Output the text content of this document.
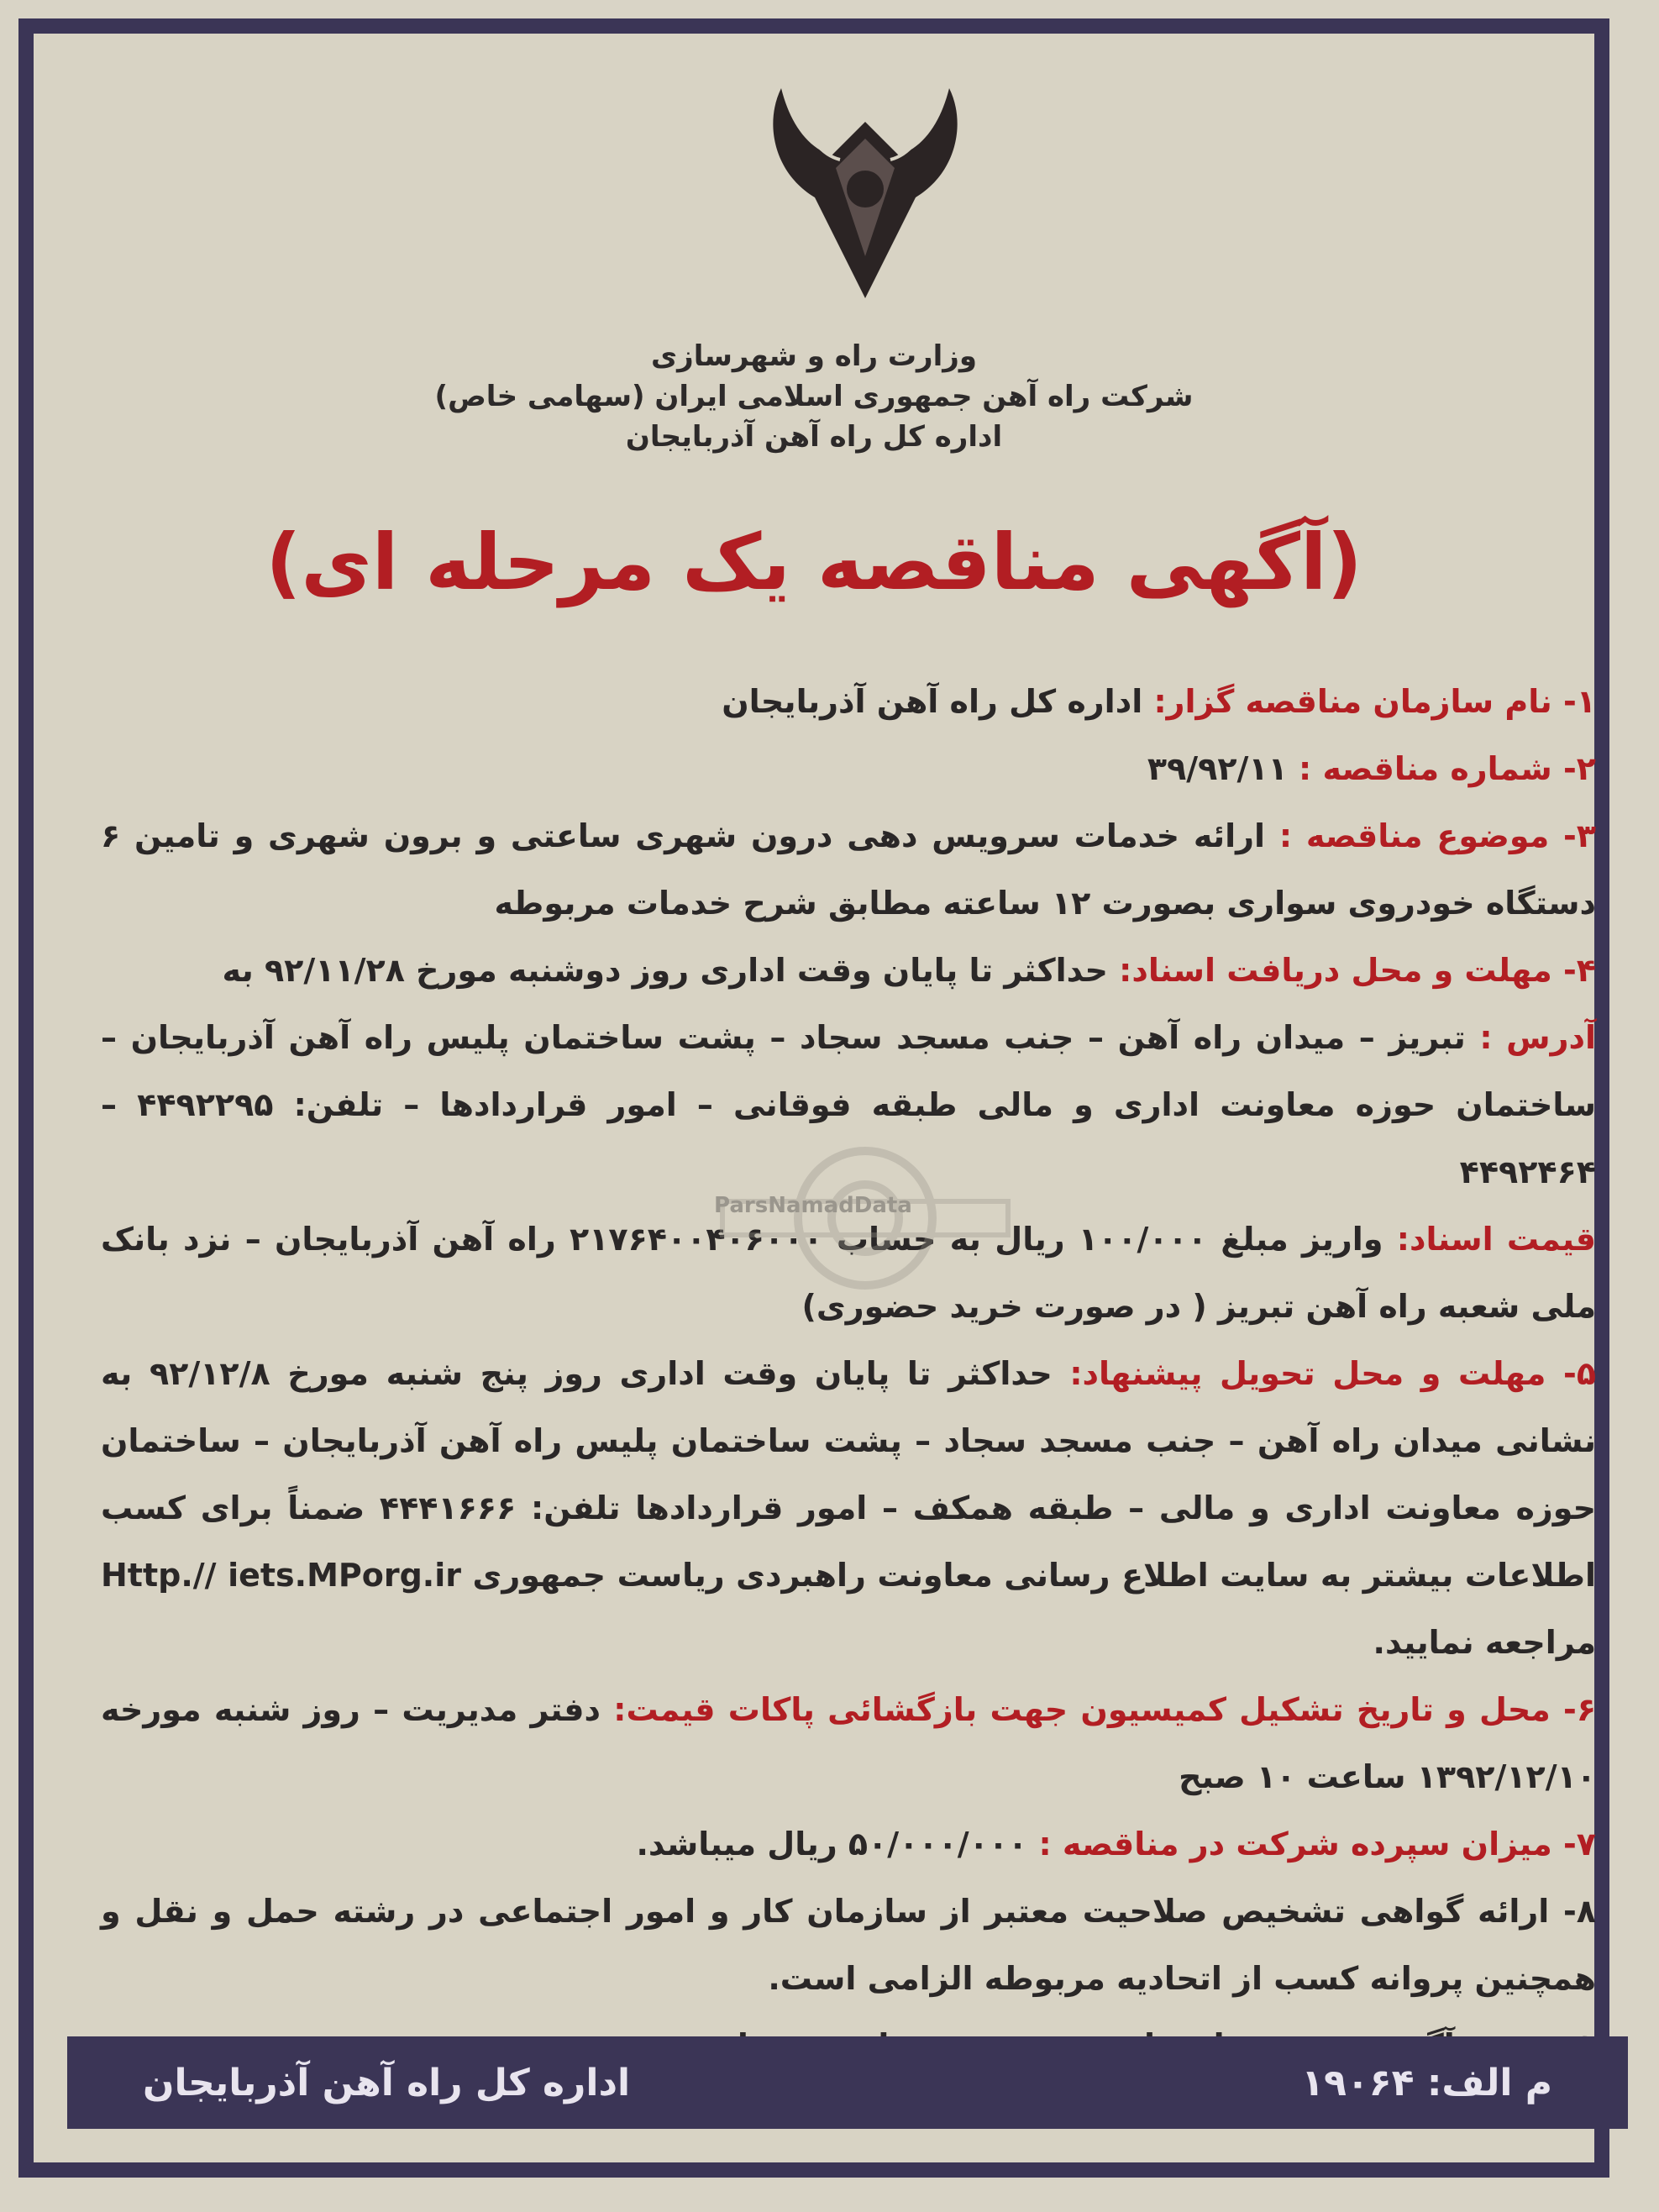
وزارت راه و شهرسازی
شرکت راه آهن جمهوری اسلامی ایران (سهامی خاص)
اداره کل راه آهن آذربایجان
(آگهی مناقصه یک مرحله ای)

۱- نام سازمان مناقصه گزار: اداره کل راه آهن آذربایجان

۲- شماره مناقصه : ۳۹/۹۲/۱۱

۳- موضوع مناقصه : ارائه خدمات سرویس دهی درون شهری ساعتی و برون شهری و تامین ۶ دستگاه خودروی سواری بصورت ۱۲ ساعته مطابق شرح خدمات مربوطه

۴- مهلت و محل دریافت اسناد: حداکثر تا پایان وقت اداری روز دوشنبه مورخ ۹۲/۱۱/۲۸ به

آدرس : تبریز – میدان راه آهن – جنب مسجد سجاد – پشت ساختمان پلیس راه آهن آذربایجان – ساختمان حوزه معاونت اداری و مالی طبقه فوقانی – امور قراردادها – تلفن: ۴۴۹۲۲۹۵ – ۴۴۹۲۴۶۴

قیمت اسناد: واریز مبلغ ۱۰۰/۰۰۰ ریال به حساب ۲۱۷۶۴۰۰۴۰۶۰۰۰ راه آهن آذربایجان – نزد بانک ملی شعبه راه آهن تبریز ( در صورت خرید حضوری)

۵- مهلت و محل تحویل پیشنهاد: حداکثر تا پایان وقت اداری روز پنج شنبه مورخ ۹۲/۱۲/۸ به نشانی میدان راه آهن – جنب مسجد سجاد – پشت ساختمان پلیس راه آهن آذربایجان – ساختمان حوزه معاونت اداری و مالی – طبقه همکف – امور قراردادها تلفن: ۴۴۴۱۶۶۶ ضمناً برای کسب اطلاعات بیشتر به سایت اطلاع رسانی معاونت راهبردی ریاست جمهوری Http.// iets.MPorg.ir مراجعه نمایید.

۶- محل و تاریخ تشکیل کمیسیون جهت بازگشائی پاکات قیمت: دفتر مدیریت – روز شنبه مورخه ۱۳۹۲/۱۲/۱۰ ساعت ۱۰ صبح

۷- میزان سپرده شرکت در مناقصه : ۵۰/۰۰۰/۰۰۰ ریال میباشد.

۸- ارائه گواهی تشخیص صلاحیت معتبر از سازمان کار و امور اجتماعی در رشته حمل و نقل و همچنین پروانه کسب از اتحادیه مربوطه الزامی است.

ParsNamadData
م الف: ۱۹۰۶۴
اداره کل راه آهن آذربایجان
